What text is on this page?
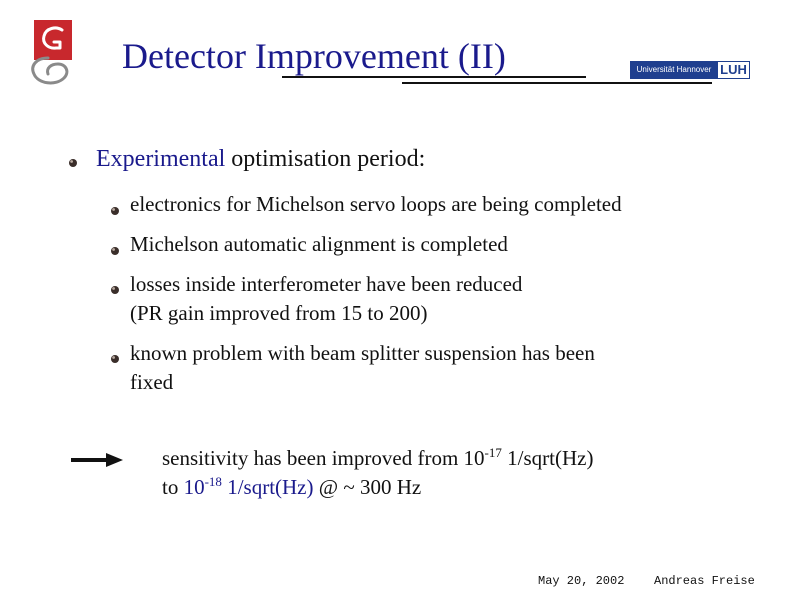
Detector Improvement (II)	Universität Hannover LUH
Experimental optimisation period:
electronics for Michelson servo loops are being completed
Michelson automatic alignment is completed
losses inside interferometer have been reduced
(PR gain improved from 15 to 200)
known problem with beam splitter suspension has been
fixed
sensitivity has been improved from $10^{-17}$ 1/sqrt(Hz)
to $10^{-18}$ 1/sqrt(Hz) @ ~ 300 Hz
May 20, 2002 Andreas Freise
